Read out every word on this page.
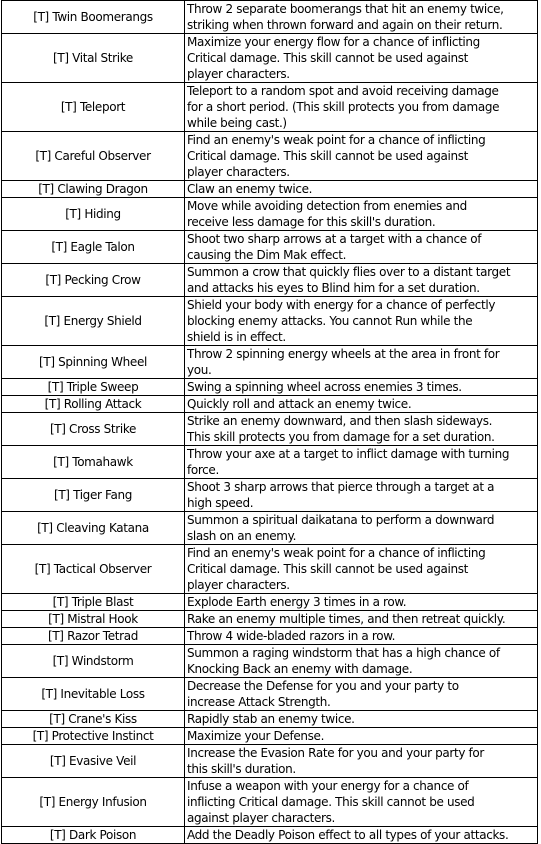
[T] Twin Boomerangs	Throw 2 separate boomerangs that hit an enemy twice,
striking when thrown forward and again on their return.

[T] Vital Strike	Maximize your energy flow for a chance of inflicting
Critical damage. This skill cannot be used against
player characters.

[T] Teleport	Teleport to a random spot and avoid receiving damage
for a short period. (This skill protects you from damage
while being cast.)

[T] Careful Observer	Find an enemy's weak point for a chance of inflicting
Critical damage. This skill cannot be used against
player characters.

[T] Clawing Dragon	Claw an enemy twice.

[T] Hiding	Move while avoiding detection from enemies and
receive less damage for this skill's duration.

[T] Eagle Talon	Shoot two sharp arrows at a target with a chance of
causing the Dim Mak effect.

[T] Pecking Crow	Summon a crow that quickly flies over to a distant target
and attacks his eyes to Blind him for a set duration.

[T] Energy Shield	Shield your body with energy for a chance of perfectly
blocking enemy attacks. You cannot Run while the
shield is in effect.

[T] Spinning Wheel	Throw 2 spinning energy wheels at the area in front for
you.

[T] Triple Sweep	Swing a spinning wheel across enemies 3 times.

[T] Rolling Attack	Quickly roll and attack an enemy twice.

[T] Cross Strike	Strike an enemy downward, and then slash sideways.
This skill protects you from damage for a set duration.

[T] Tomahawk	Throw your axe at a target to inflict damage with turning
force.

[T] Tiger Fang	Shoot 3 sharp arrows that pierce through a target at a
high speed.

[T] Cleaving Katana	Summon a spiritual daikatana to perform a downward
slash on an enemy.

[T] Tactical Observer	Find an enemy's weak point for a chance of inflicting
Critical damage. This skill cannot be used against
player characters.

[T] Triple Blast	Explode Earth energy 3 times in a row.

[T] Mistral Hook	Rake an enemy multiple times, and then retreat quickly.

[T] Razor Tetrad	Throw 4 wide-bladed razors in a row.

[T] Windstorm	Summon a raging windstorm that has a high chance of
Knocking Back an enemy with damage.

[T] Inevitable Loss	Decrease the Defense for you and your party to
increase Attack Strength.

[T] Crane's Kiss	Rapidly stab an enemy twice.

[T] Protective Instinct	Maximize your Defense.

[T] Evasive Veil	Increase the Evasion Rate for you and your party for
this skill's duration.

[T] Energy Infusion	Infuse a weapon with your energy for a chance of
inflicting Critical damage. This skill cannot be used
against player characters.

[T] Dark Poison	Add the Deadly Poison effect to all types of your attacks.
